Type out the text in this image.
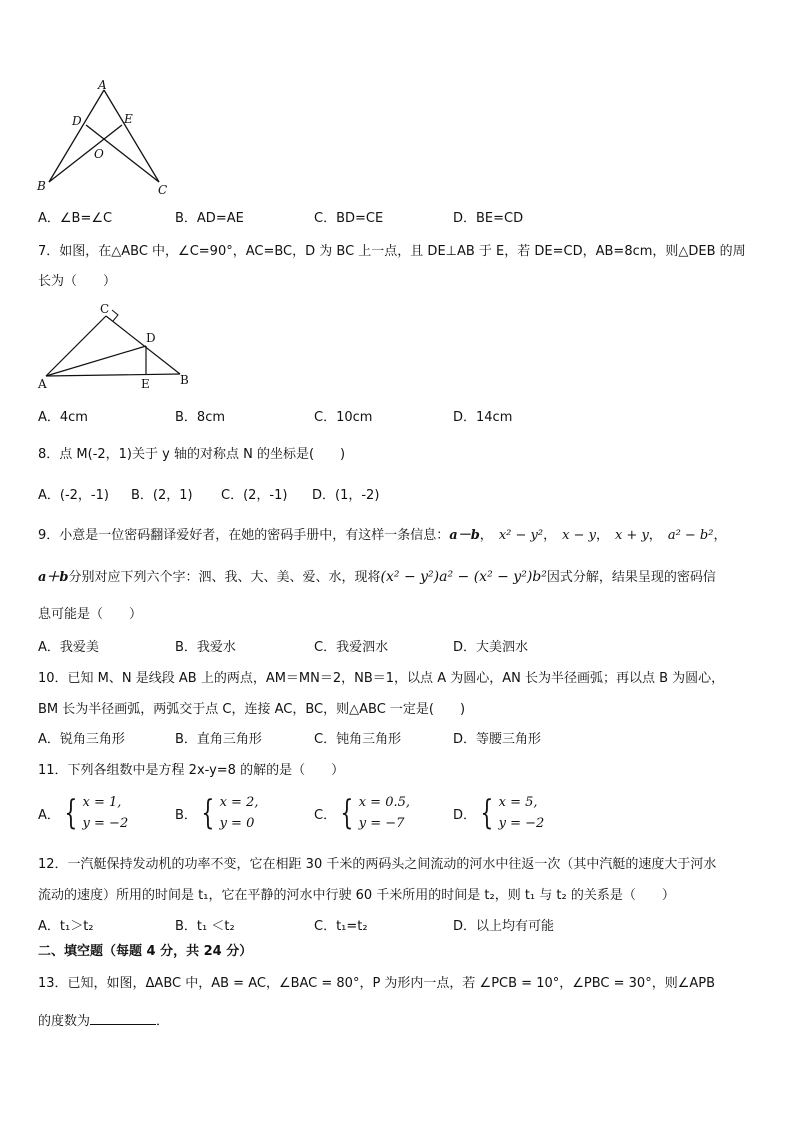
A
D	E
O
B	C
A．∠B=∠C	B．AD=AE	C．BD=CE	D．BE=CD
7．如图，在△ABC 中，∠C=90°，AC=BC，D 为 BC 上一点，且 DE⊥AB 于 E，若 DE=CD，AB=8cm，则△DEB 的周
长为（　　）
C
D
A	E	B
A．4cm	B．8cm	C．10cm	D．14cm
8．点 M(-2，1)关于 y 轴的对称点 N 的坐标是(　　)
A．(-2，-1) B．(2，1) C．(2，-1) D．(1，-2)
9．小意是一位密码翻译爱好者，在她的密码手册中，有这样一条信息：a－b， x² − y²， x − y， x + y， a² − b²，
a＋b分别对应下列六个字：泗、我、大、美、爱、水，现将(x² − y²)a² − (x² − y²)b²因式分解，结果呈现的密码信
息可能是（　　）
A．我爱美	B．我爱水	C．我爱泗水	D．大美泗水
10．已知 M、N 是线段 AB 上的两点，AM＝MN＝2，NB＝1，以点 A 为圆心，AN 长为半径画弧；再以点 B 为圆心，
BM 长为半径画弧，两弧交于点 C，连接 AC，BC，则△ABC 一定是(　　)
A．锐角三角形	B．直角三角形	C．钝角三角形	D．等腰三角形
11．下列各组数中是方程 2x-y=8 的解的是（　　）
A． { x = 1,
y = −2
B． { x = 2,
y = 0
C． { x = 0.5,
y = −7
D． { x = 5,
y = −2
12．一汽艇保持发动机的功率不变，它在相距 30 千米的两码头之间流动的河水中往返一次（其中汽艇的速度大于河水
流动的速度）所用的时间是 t₁，它在平静的河水中行驶 60 千米所用的时间是 t₂，则 t₁ 与 t₂ 的关系是（　　）
A．t₁＞t₂	B．t₁ ＜t₂	C．t₁=t₂	D．以上均有可能
二、填空题（每题 4 分，共 24 分）
13．已知，如图，ΔABC 中，AB = AC，∠BAC = 80°，P 为形内一点，若 ∠PCB = 10°，∠PBC = 30°，则∠APB
的度数为	．
